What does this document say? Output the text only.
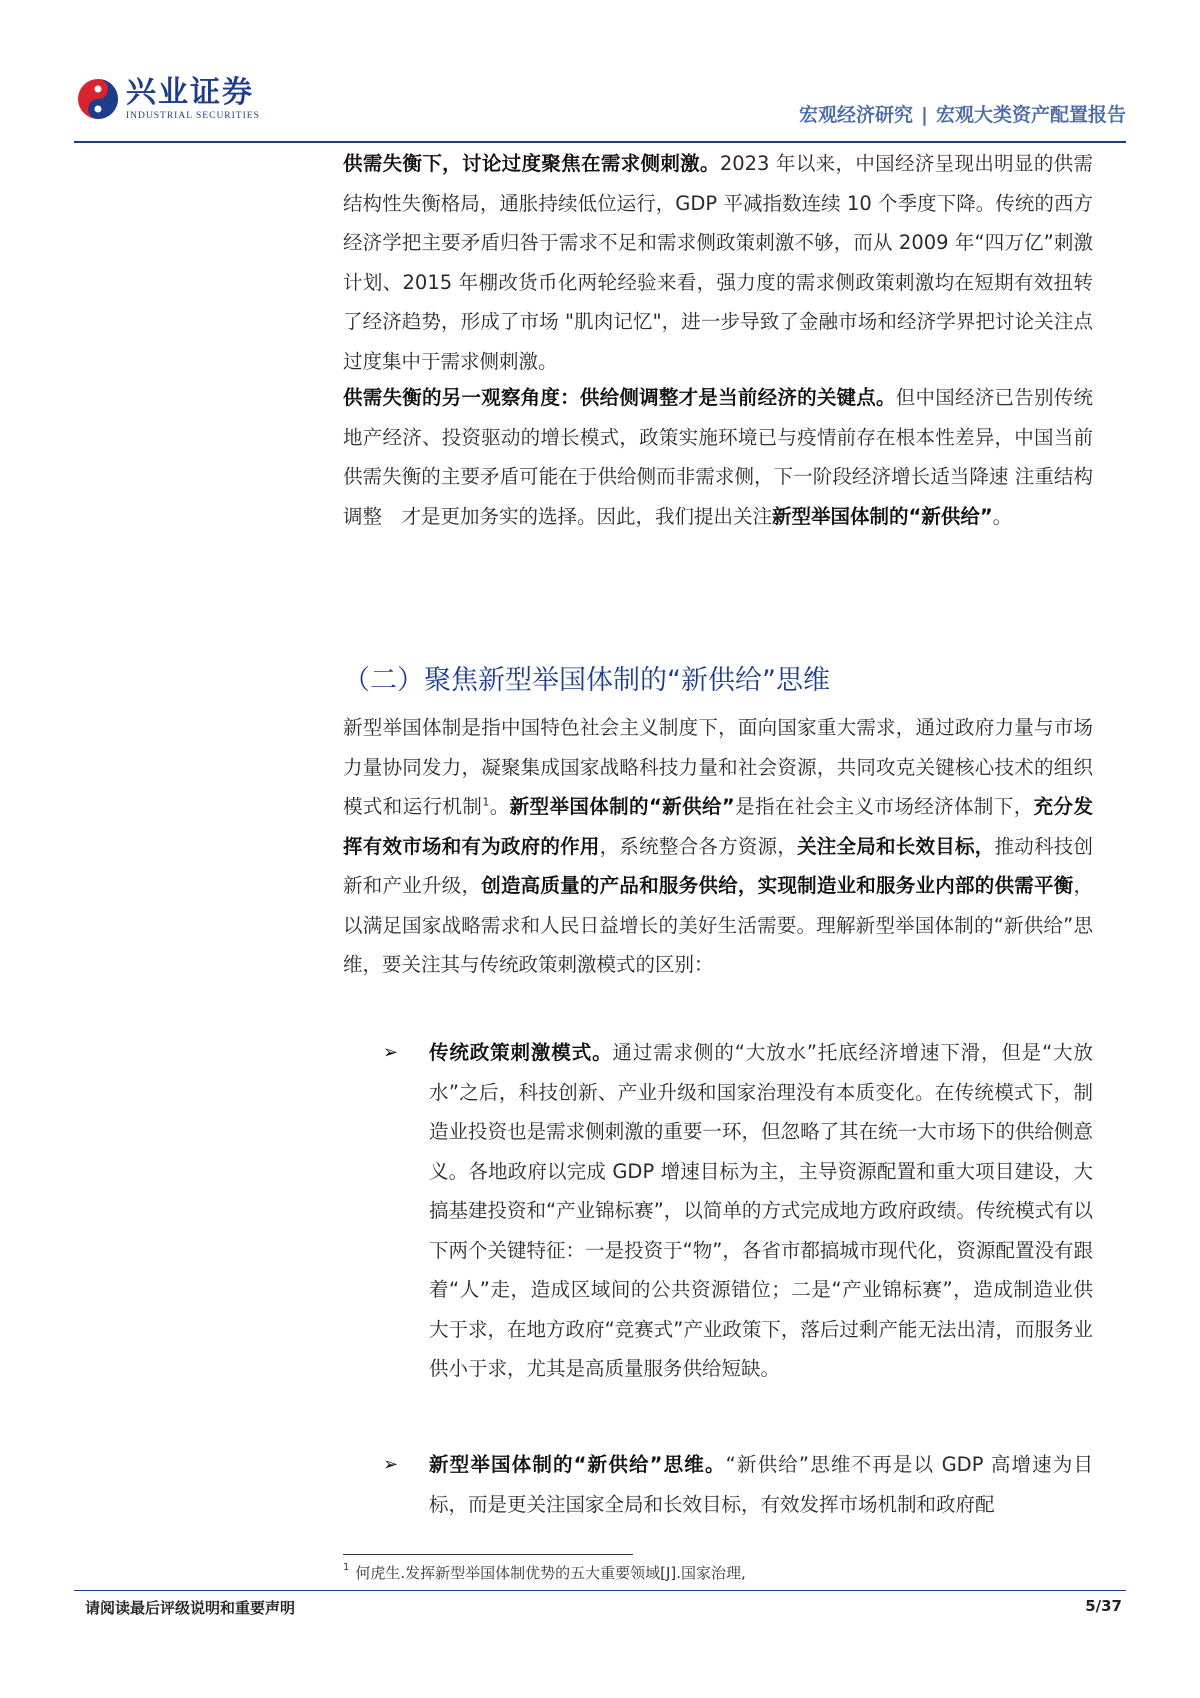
兴业证券
INDUSTRIAL SECURITIES	宏观经济研究 | 宏观大类资产配置报告

供需失衡下，讨论过度聚焦在需求侧刺激。2023 年以来，中国经济呈现出明显的供需结构性失衡格局，通胀持续低位运行，GDP 平减指数连续 10 个季度下降。传统的西方经济学把主要矛盾归咎于需求不足和需求侧政策刺激不够，而从 2009 年“四万亿”刺激计划、2015 年棚改货币化两轮经验来看，强力度的需求侧政策刺激均在短期有效扭转了经济趋势，形成了市场 "肌肉记忆"，进一步导致了金融市场和经济学界把讨论关注点过度集中于需求侧刺激。

供需失衡的另一观察角度：供给侧调整才是当前经济的关键点。但中国经济已告别传统地产经济、投资驱动的增长模式，政策实施环境已与疫情前存在根本性差异，中国当前供需失衡的主要矛盾可能在于供给侧而非需求侧，下一阶段经济增长适当降速 注重结构调整　才是更加务实的选择。因此，我们提出关注新型举国体制的“新供给”。

（二）聚焦新型举国体制的“新供给”思维

新型举国体制是指中国特色社会主义制度下，面向国家重大需求，通过政府力量与市场力量协同发力，凝聚集成国家战略科技力量和社会资源，共同攻克关键核心技术的组织模式和运行机制$^1$。新型举国体制的“新供给”是指在社会主义市场经济体制下，充分发挥有效市场和有为政府的作用，系统整合各方资源，关注全局和长效目标，推动科技创新和产业升级，创造高质量的产品和服务供给，实现制造业和服务业内部的供需平衡，以满足国家战略需求和人民日益增长的美好生活需要。理解新型举国体制的“新供给”思维，要关注其与传统政策刺激模式的区别：

➢ 传统政策刺激模式。通过需求侧的“大放水”托底经济增速下滑，但是“大放水”之后，科技创新、产业升级和国家治理没有本质变化。在传统模式下，制造业投资也是需求侧刺激的重要一环，但忽略了其在统一大市场下的供给侧意义。各地政府以完成 GDP 增速目标为主，主导资源配置和重大项目建设，大搞基建投资和“产业锦标赛”，以简单的方式完成地方政府政绩。传统模式有以下两个关键特征：一是投资于“物”，各省市都搞城市现代化，资源配置没有跟着“人”走，造成区域间的公共资源错位；二是“产业锦标赛”，造成制造业供大于求，在地方政府“竞赛式”产业政策下，落后过剩产能无法出清，而服务业供小于求，尤其是高质量服务供给短缺。

➢ 新型举国体制的“新供给”思维。“新供给”思维不再是以 GDP 高增速为目标，而是更关注国家全局和长效目标，有效发挥市场机制和政府配

$^1$ 何虎生.发挥新型举国体制优势的五大重要领域[J].国家治理,
请阅读最后评级说明和重要声明	5/37
